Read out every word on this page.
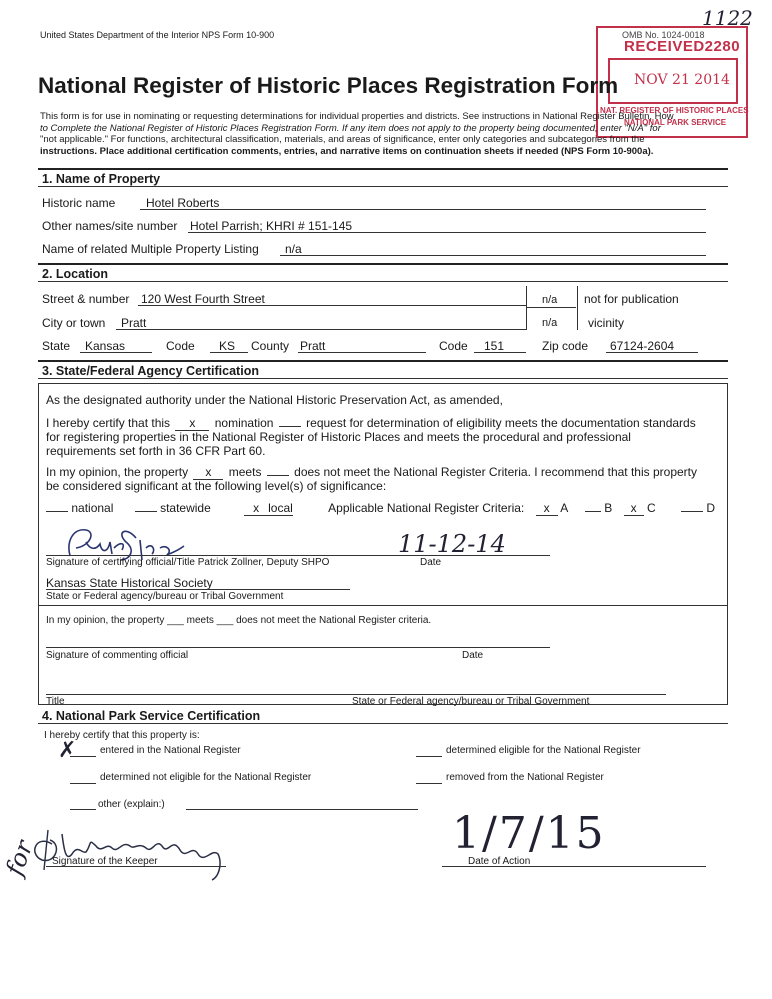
United States Department of the Interior NPS Form 10-900
1122
OMB No. 1024-0018
RECEIVED2280
NOV 21 2014
NAT. REGISTER OF HISTORIC PLACES
NATIONAL PARK SERVICE
National Register of Historic Places Registration Form
This form is for use in nominating or requesting determinations for individual properties and districts. See instructions in National Register Bulletin, How
to Complete the National Register of Historic Places Registration Form. If any item does not apply to the property being documented, enter "N/A" for
"not applicable." For functions, architectural classification, materials, and areas of significance, enter only categories and subcategories from the
instructions. Place additional certification comments, entries, and narrative items on continuation sheets if needed (NPS Form 10-900a).
1. Name of Property
Historic name	Hotel Roberts
Other names/site number Hotel Parrish; KHRI # 151-145
Name of related Multiple Property Listing n/a
2. Location
Street & number 120 West Fourth Street	n/a not for publication
City or town Pratt	n/a	vicinity
State Kansas	Code KS County Pratt	Code 151	Zip code 67124-2604
3. State/Federal Agency Certification
As the designated authority under the National Historic Preservation Act, as amended,
I hereby certify that this x nomination	request for determination of eligibility meets the documentation standards
for registering properties in the National Register of Historic Places and meets the procedural and professional
requirements set forth in 36 CFR Part 60.
In my opinion, the property x meets	does not meet the National Register Criteria. I recommend that this property
be considered significant at the following level(s) of significance:
national	statewide	x local	Applicable National Register Criteria: x A	B x C	D
11-12-14
Signature of certifying official/Title Patrick Zollner, Deputy SHPO	Date
Kansas State Historical Society
State or Federal agency/bureau or Tribal Government
In my opinion, the property ___ meets ___ does not meet the National Register criteria.
Signature of commenting official	Date
Title	State or Federal agency/bureau or Tribal Government
4. National Park Service Certification
I hereby certify that this property is:
✗ entered in the National Register	determined eligible for the National Register
determined not eligible for the National Register	removed from the National Register
other (explain:)
for Signature of the Keeper
1/7/15
Date of Action
